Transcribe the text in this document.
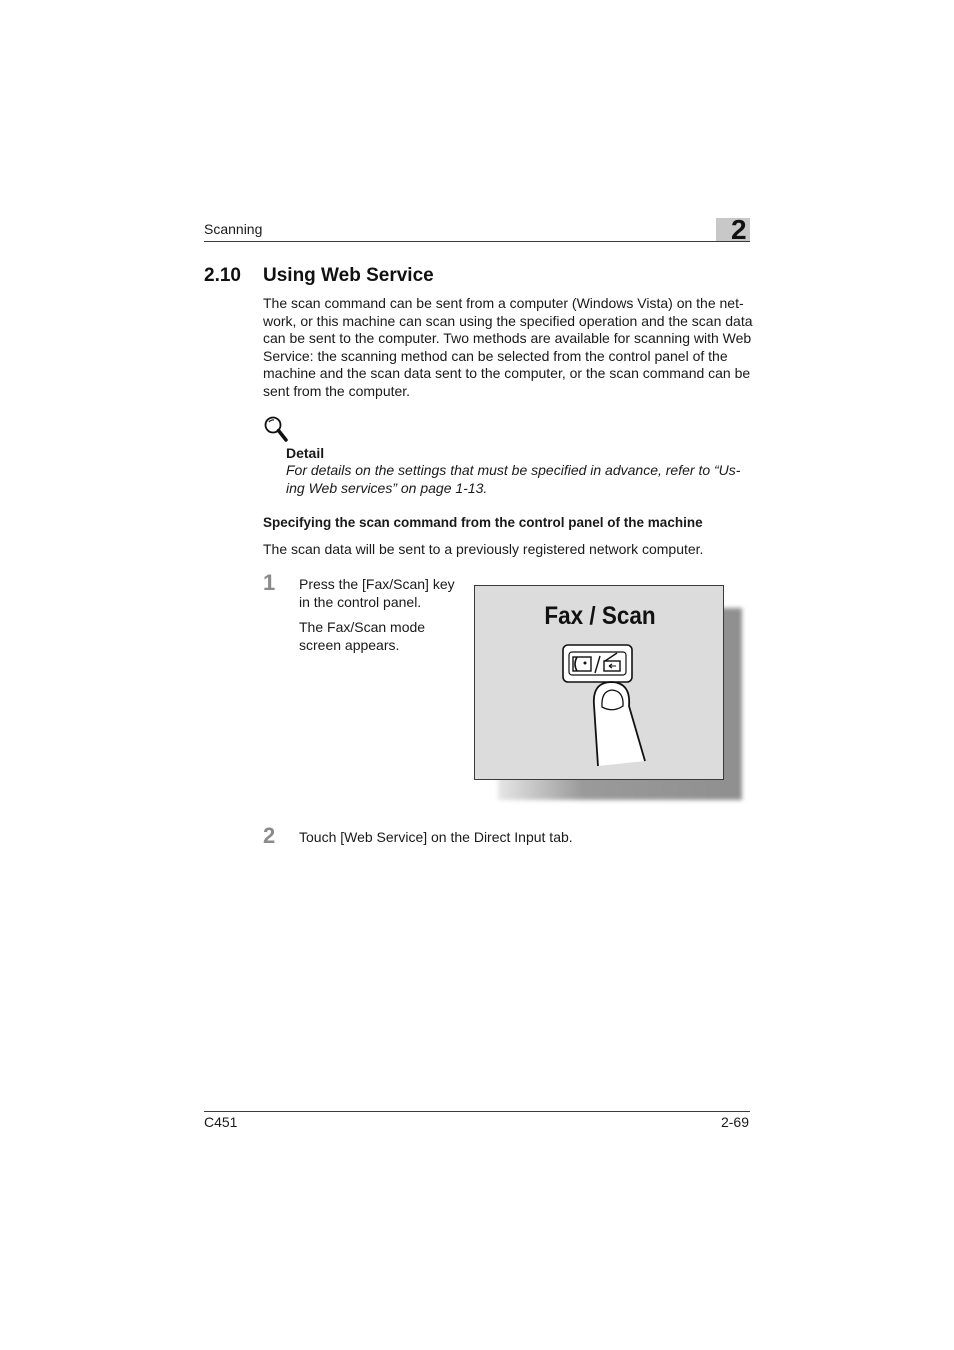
Scanning	2
2.10 Using Web Service
The scan command can be sent from a computer (Windows Vista) on the net-work, or this machine can scan using the specified operation and the scan data can be sent to the computer. Two methods are available for scanning with Web Service: the scanning method can be selected from the control panel of the machine and the scan data sent to the computer, or the scan command can be sent from the computer.
Detail
For details on the settings that must be specified in advance, refer to “Us-ing Web services” on page 1-13.
Specifying the scan command from the control panel of the machine
The scan data will be sent to a previously registered network computer.
1 Press the [Fax/Scan] key in the control panel.
The Fax/Scan mode screen appears.
Fax / Scan
2 Touch [Web Service] on the Direct Input tab.
C451	2-69
